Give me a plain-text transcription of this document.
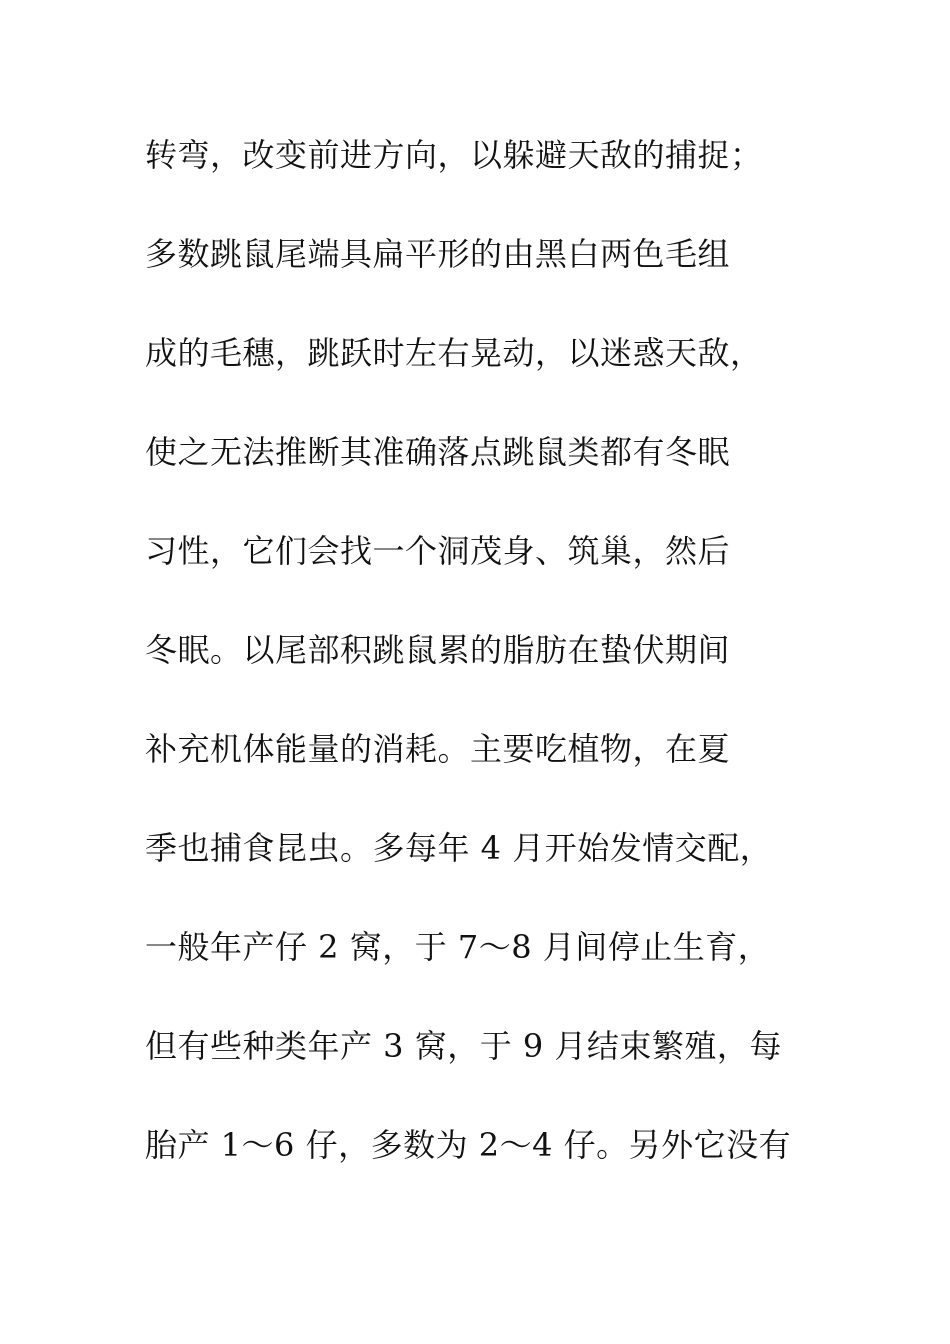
转弯，改变前进方向，以躲避天敌的捕捉；
多数跳鼠尾端具扁平形的由黑白两色毛组
成的毛穗，跳跃时左右晃动，以迷惑天敌，
使之无法推断其准确落点跳鼠类都有冬眠
习性，它们会找一个洞茂身、筑巢，然后
冬眠。以尾部积跳鼠累的脂肪在蛰伏期间
补充机体能量的消耗。主要吃植物，在夏
季也捕食昆虫。多每年 4 月开始发情交配，
一般年产仔 2 窝，于 7～8 月间停止生育，
但有些种类年产 3 窝，于 9 月结束繁殖，每
胎产 1～6 仔，多数为 2～4 仔。另外它没有
